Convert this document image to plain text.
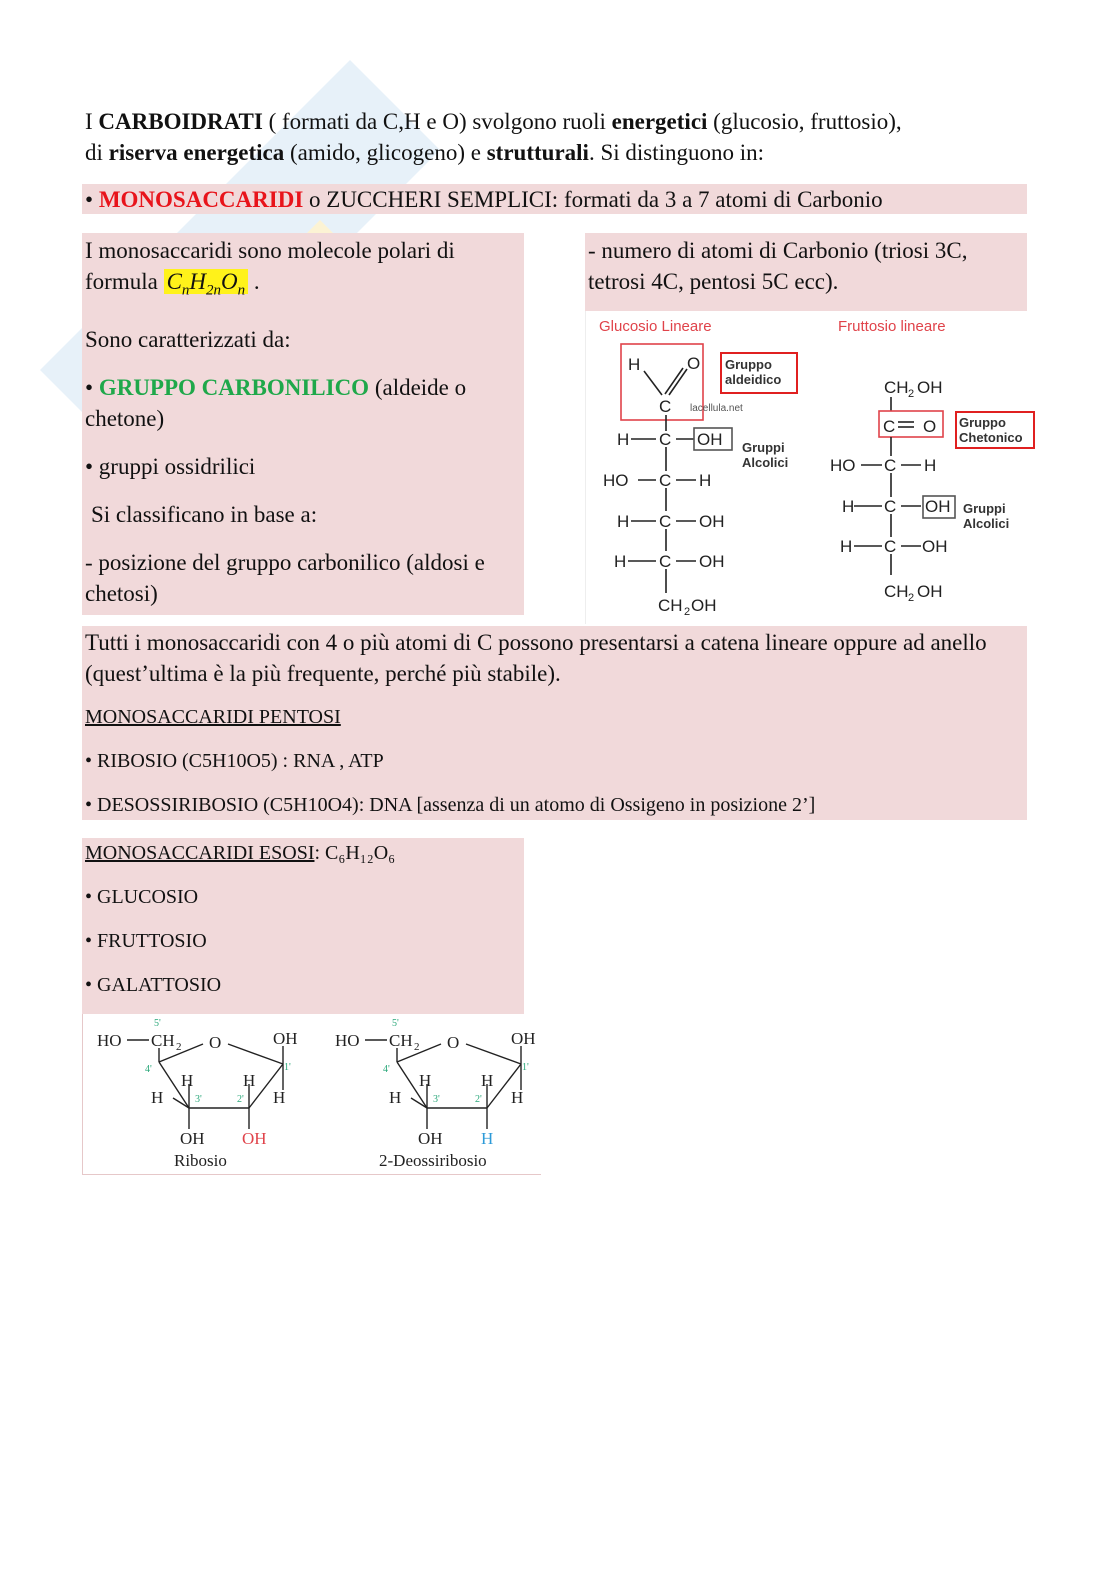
I CARBOIDRATI ( formati da C,H e O) svolgono ruoli energetici (glucosio, fruttosio),
di riserva energetica (amido, glicogeno) e strutturali. Si distinguono in:
• MONOSACCARIDI o ZUCCHERI SEMPLICI: formati da 3 a 7 atomi di Carbonio
I monosaccaridi sono molecole polari di
formula $C_nH_{2n}O_n$ .
Sono caratterizzati da:
• GRUPPO CARBONILICO (aldeide o chetone)
• gruppi ossidrilici
Si classificano in base a:
- posizione del gruppo carbonilico (aldosi e chetosi)
- numero di atomi di Carbonio (triosi 3C, tetrosi 4C, pentosi 5C ecc).
Glucosio Lineare	Fruttosio lineare
H	O
C
H C OH
HO C H
H C OH
H C OH
CH 2 OH
lacellula.net
Gruppo
aldeidico
Gruppi
Alcolici
CH 2 OH
C O
HO C H
H C OH
H C OH
CH 2 OH
Gruppo
Chetonico
Gruppi
Alcolici
Tutti i monosaccaridi con 4 o più atomi di C possono presentarsi a catena lineare oppure ad anello (quest’ultima è la più frequente, perché più stabile).
MONOSACCARIDI PENTOSI
• RIBOSIO (C5H10O5) : RNA , ATP
• DESOSSIRIBOSIO (C5H10O4): DNA [assenza di un atomo di Ossigeno in posizione 2’]
MONOSACCARIDI ESOSI: C₆H₁₂O₆
• GLUCOSIO
• FRUTTOSIO
• GALATTOSIO
HO CH 2 O	OH
H	H
H	H
OH OH
5'
4'
3'	2'
1'
Ribosio
HO CH 2 O	OH
H	H
H	H
OH H
5'
4'
3'	2'
1'
2-Deossiribosio
